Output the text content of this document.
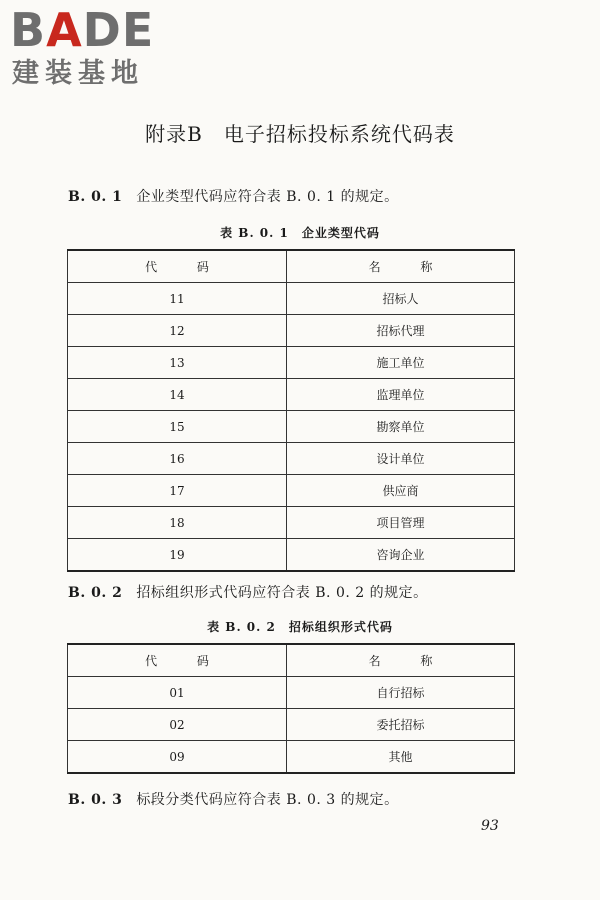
BADE
建装基地
附录B　电子招标投标系统代码表
B. 0. 1 企业类型代码应符合表 B. 0. 1 的规定。
表 B. 0. 1　企业类型代码
代 码	名 称
11	招标人
12	招标代理
13	施工单位
14	监理单位
15	勘察单位
16	设计单位
17	供应商
18	项目管理
19	咨询企业
B. 0. 2 招标组织形式代码应符合表 B. 0. 2 的规定。
表 B. 0. 2　招标组织形式代码
代 码	名 称
01	自行招标
02	委托招标
09	其他
B. 0. 3 标段分类代码应符合表 B. 0. 3 的规定。
93
